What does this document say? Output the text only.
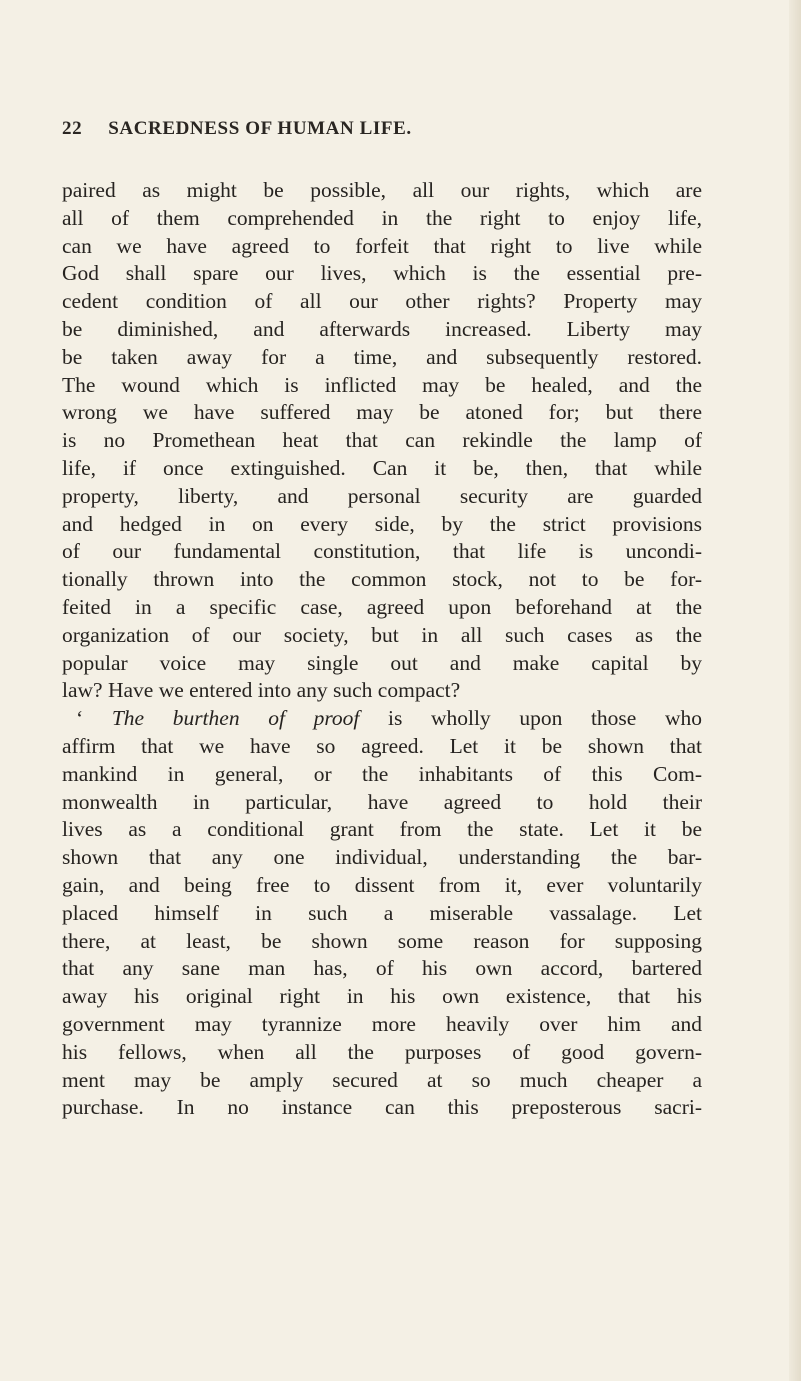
22 SACREDNESS OF HUMAN LIFE.
paired as might be possible, all our rights, which are
all of them comprehended in the right to enjoy life,
can we have agreed to forfeit that right to live while
God shall spare our lives, which is the essential pre-
cedent condition of all our other rights? Property may
be diminished, and afterwards increased. Liberty may
be taken away for a time, and subsequently restored.
The wound which is inflicted may be healed, and the
wrong we have suffered may be atoned for; but there
is no Promethean heat that can rekindle the lamp of
life, if once extinguished. Can it be, then, that while
property, liberty, and personal security are guarded
and hedged in on every side, by the strict provisions
of our fundamental constitution, that life is uncondi-
tionally thrown into the common stock, not to be for-
feited in a specific case, agreed upon beforehand at the
organization of our society, but in all such cases as the
popular voice may single out and make capital by
law? Have we entered into any such compact?
‘ The burthen of proof is wholly upon those who
affirm that we have so agreed. Let it be shown that
mankind in general, or the inhabitants of this Com-
monwealth in particular, have agreed to hold their
lives as a conditional grant from the state. Let it be
shown that any one individual, understanding the bar-
gain, and being free to dissent from it, ever voluntarily
placed himself in such a miserable vassalage. Let
there, at least, be shown some reason for supposing
that any sane man has, of his own accord, bartered
away his original right in his own existence, that his
government may tyrannize more heavily over him and
his fellows, when all the purposes of good govern-
ment may be amply secured at so much cheaper a
purchase. In no instance can this preposterous sacri-
